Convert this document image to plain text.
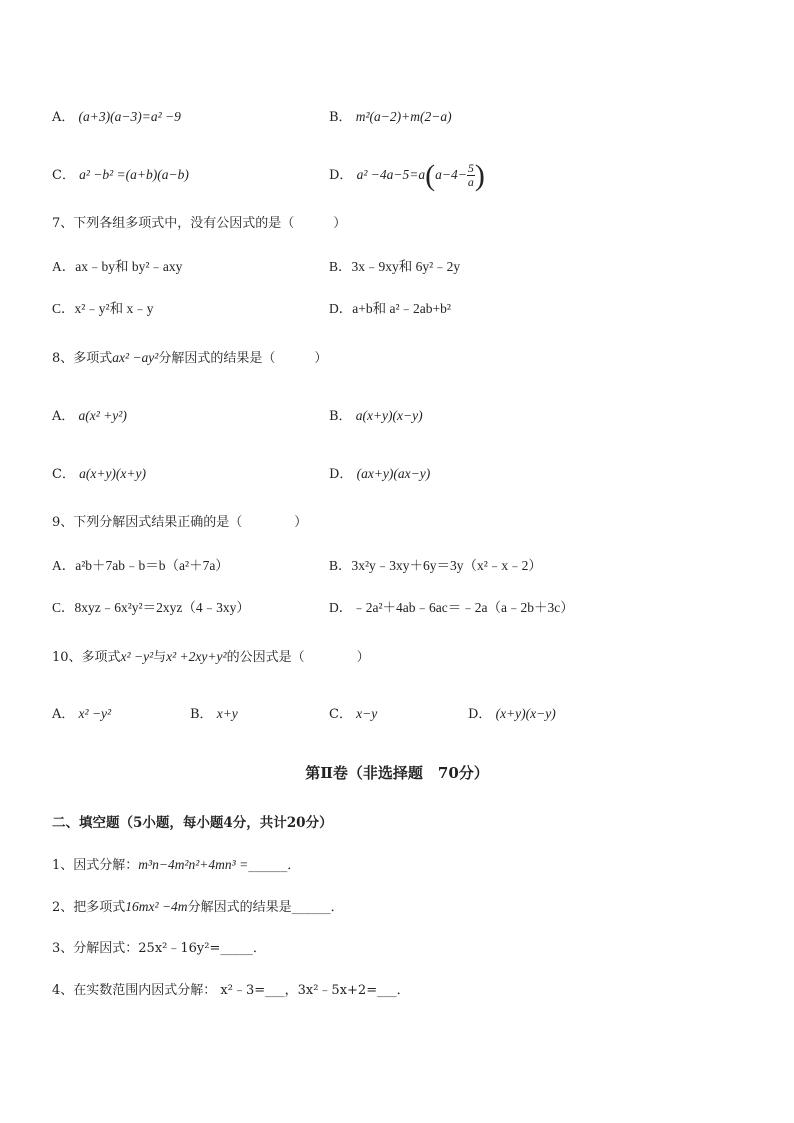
A． (a+3)(a−3)=a² −9	B． m²(a−2)+m(2−a)
C． a² −b² =(a+b)(a−b)	D． $a^2 -4a-5=a(a-4- \frac{5}{a}$ )
7、下列各组多项式中，没有公因式的是（　　　）
A．ax﹣by和 by²﹣axy	B．3x﹣9xy和 6y²﹣2y
C．x²﹣y²和 x﹣y	D．a+b和 a²﹣2ab+b²
8、多项式ax² −ay²分解因式的结果是（　　　）
A． a(x² +y²)	B． a(x+y)(x−y)
C． a(x+y)(x+y)	D． (ax+y)(ax−y)
9、下列分解因式结果正确的是（　　　　）
A．a²b＋7ab﹣b＝b（a²＋7a）	B．3x²y﹣3xy＋6y＝3y（x²﹣x﹣2）
C．8xyz﹣6x²y²＝2xyz（4﹣3xy）	D．﹣2a²＋4ab﹣6ac＝﹣2a（a﹣2b＋3c）
10、多项式x² −y²与x² +2xy+y²的公因式是（　　　　）
A． x² −y²	B． x+y	C． x−y	D． (x+y)(x−y)
第Ⅱ卷（非选择题　70分）
二、填空题（5小题，每小题4分，共计20分）
1、因式分解：m³n−4m²n²+4mn³ =______．
2、把多项式16mx² −4m分解因式的结果是______．
3、分解因式：25x²﹣16y²=_____．
4、在实数范围内因式分解： x²﹣3=___，3x²﹣5x+2=___．
